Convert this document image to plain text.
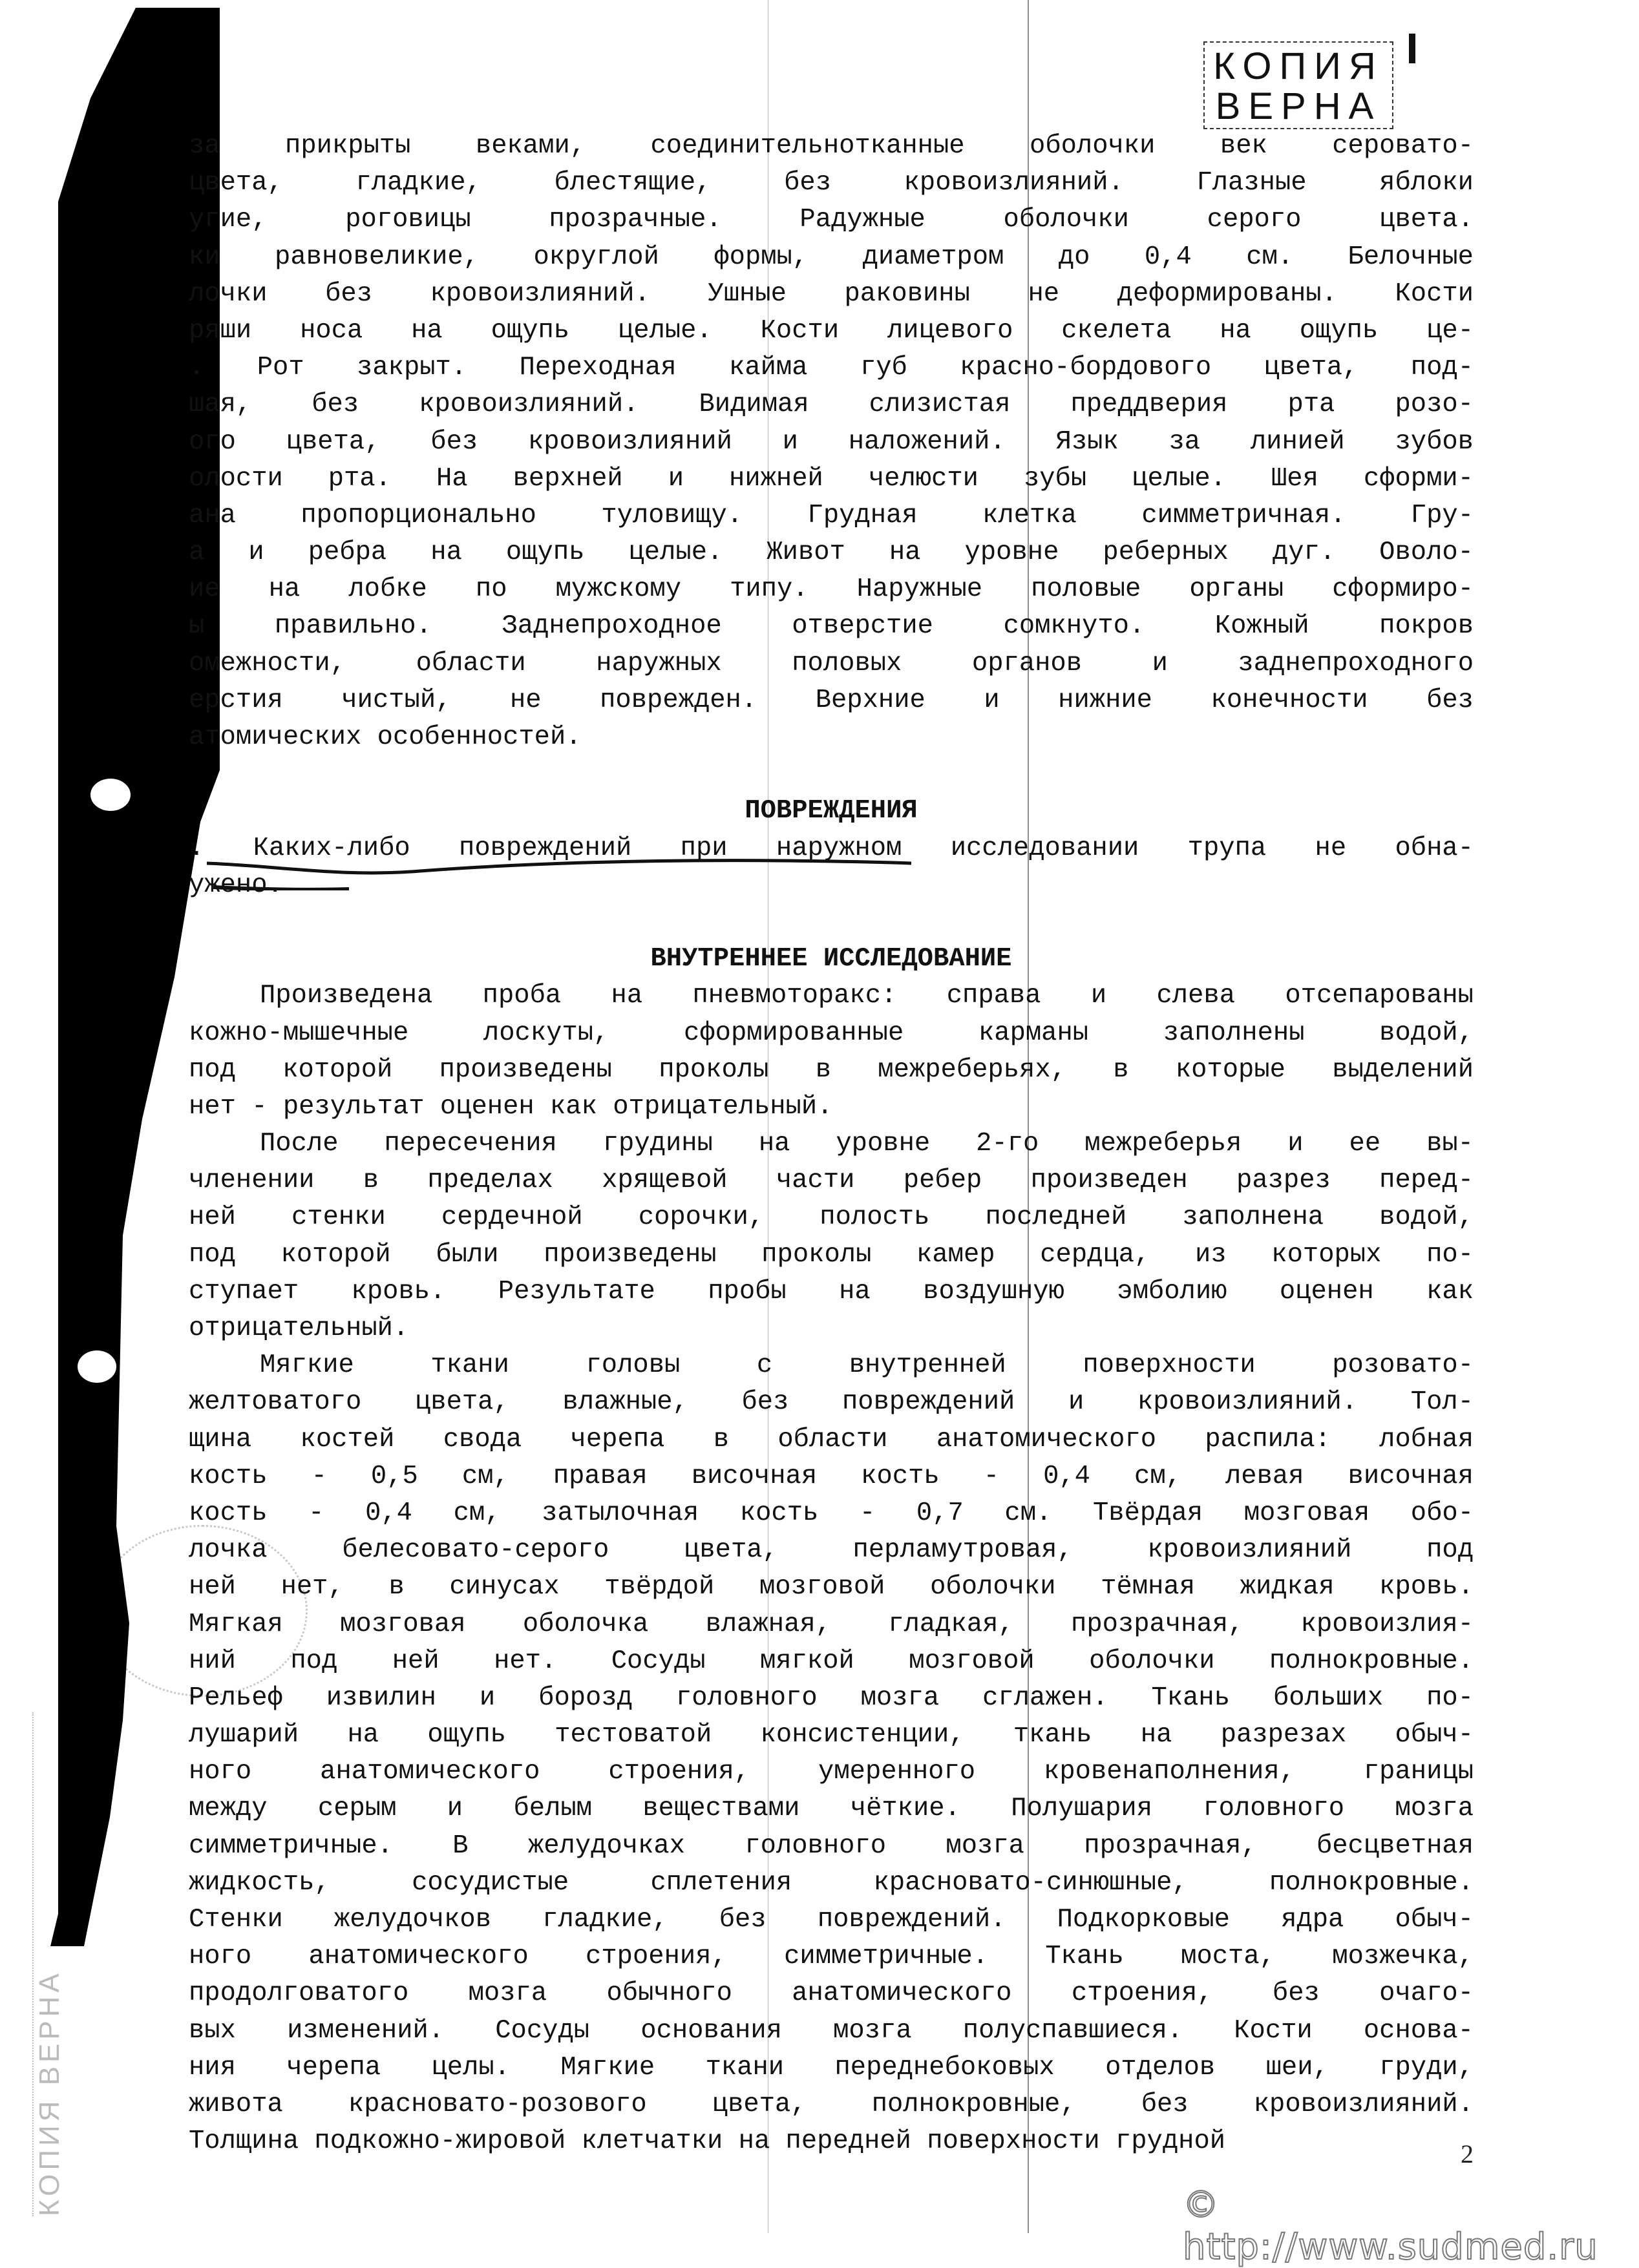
КОПИЯ ВЕРНА
КОПИЯ
ВЕРНА
за прикрыты веками, соединительнотканные оболочки век серовато-
цвета, гладкие, блестящие, без кровоизлияний. Глазные яблоки
угие, роговицы прозрачные. Радужные оболочки серого цвета.
ки равновеликие, округлой формы, диаметром до 0,4 см. Белочные
лочки без кровоизлияний. Ушные раковины не деформированы. Кости
ряши носа на ощупь целые. Кости лицевого скелета на ощупь це-
. Рот закрыт. Переходная кайма губ красно-бордового цвета, под-
шая, без кровоизлияний. Видимая слизистая преддверия рта розо-
ого цвета, без кровоизлияний и наложений. Язык за линией зубов
олости рта. На верхней и нижней челюсти зубы целые. Шея сформи-
ана пропорционально туловищу. Грудная клетка симметричная. Гру-
а и ребра на ощупь целые. Живот на уровне реберных дуг. Оволо-
ие на лобке по мужскому типу. Наружные половые органы сформиро-
ы правильно. Заднепроходное отверстие сомкнуто. Кожный покров
омежности, области наружных половых органов и заднепроходного
ерстия чистый, не поврежден. Верхние и нижние конечности без
атомических особенностей.
ПОВРЕЖДЕНИЯ
. Каких-либо повреждений при наружном исследовании трупа не обна-
ужено.
ВНУТРЕННЕЕ ИССЛЕДОВАНИЕ
Произведена проба на пневмоторакс: справа и слева отсепарованы
кожно-мышечные лоскуты, сформированные карманы заполнены водой,
под которой произведены проколы в межреберьях, в которые выделений
нет - результат оценен как отрицательный.
После пересечения грудины на уровне 2-го межреберья и ее вы-
членении в пределах хрящевой части ребер произведен разрез перед-
ней стенки сердечной сорочки, полость последней заполнена водой,
под которой были произведены проколы камер сердца, из которых по-
ступает кровь. Результате пробы на воздушную эмболию оценен как
отрицательный.
Мягкие ткани головы с внутренней поверхности розовато-
желтоватого цвета, влажные, без повреждений и кровоизлияний. Тол-
щина костей свода черепа в области анатомического распила: лобная
кость - 0,5 см, правая височная кость - 0,4 см, левая височная
кость - 0,4 см, затылочная кость - 0,7 см. Твёрдая мозговая обо-
лочка белесовато-серого цвета, перламутровая, кровоизлияний под
ней нет, в синусах твёрдой мозговой оболочки тёмная жидкая кровь.
Мягкая мозговая оболочка влажная, гладкая, прозрачная, кровоизлия-
ний под ней нет. Сосуды мягкой мозговой оболочки полнокровные.
Рельеф извилин и борозд головного мозга сглажен. Ткань больших по-
лушарий на ощупь тестоватой консистенции, ткань на разрезах обыч-
ного анатомического строения, умеренного кровенаполнения, границы
между серым и белым веществами чёткие. Полушария головного мозга
симметричные. В желудочках головного мозга прозрачная, бесцветная
жидкость, сосудистые сплетения красновато-синюшные, полнокровные.
Стенки желудочков гладкие, без повреждений. Подкорковые ядра обыч-
ного анатомического строения, симметричные. Ткань моста, мозжечка,
продолговатого мозга обычного анатомического строения, без очаго-
вых изменений. Сосуды основания мозга полуспавшиеся. Кости основа-
ния черепа целы. Мягкие ткани переднебоковых отделов шеи, груди,
живота красновато-розового цвета, полнокровные, без кровоизлияний.
Толщина подкожно-жировой клетчатки на передней поверхности грудной	2
© http://www.sudmed.ru
